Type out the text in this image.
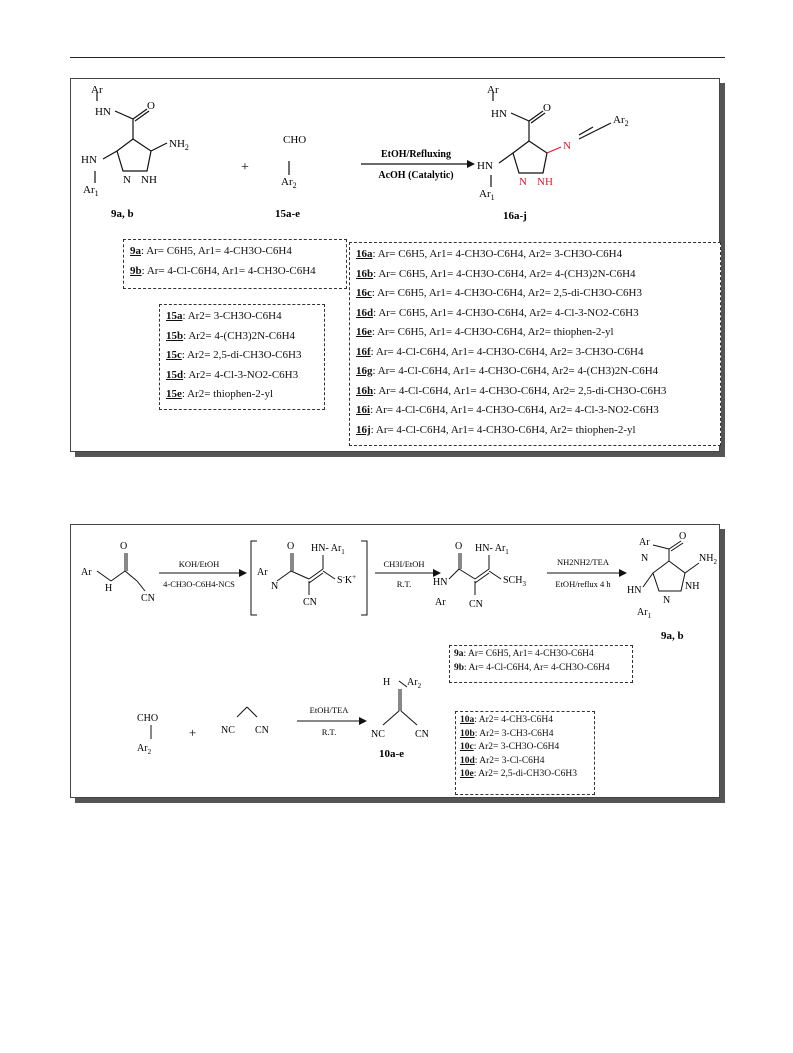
Ar
HN	O
$NH_2$
HN
$Ar_1$
N NH
CHO
$Ar_2$
+
Ar
HN	O
HN
$Ar_1$
N NH
N
$Ar_2$
9a, b	15a-e	16a-j
EtOH/Refluxing
AcOH (Catalytic)
9a: Ar= C6H5, Ar1= 4-CH3O-C6H4
9b: Ar= 4-Cl-C6H4, Ar1= 4-CH3O-C6H4
15a: Ar2= 3-CH3O-C6H4
15b: Ar2= 4-(CH3)2N-C6H4
15c: Ar2= 2,5-di-CH3O-C6H3
15d: Ar2= 4-Cl-3-NO2-C6H3
15e: Ar2= thiophen-2-yl
16a: Ar= C6H5, Ar1= 4-CH3O-C6H4, Ar2= 3-CH3O-C6H4
16b: Ar= C6H5, Ar1= 4-CH3O-C6H4, Ar2= 4-(CH3)2N-C6H4
16c: Ar= C6H5, Ar1= 4-CH3O-C6H4, Ar2= 2,5-di-CH3O-C6H3
16d: Ar= C6H5, Ar1= 4-CH3O-C6H4, Ar2= 4-Cl-3-NO2-C6H3
16e: Ar= C6H5, Ar1= 4-CH3O-C6H4, Ar2= thiophen-2-yl
16f: Ar= 4-Cl-C6H4, Ar1= 4-CH3O-C6H4, Ar2= 3-CH3O-C6H4
16g: Ar= 4-Cl-C6H4, Ar1= 4-CH3O-C6H4, Ar2= 4-(CH3)2N-C6H4
16h: Ar= 4-Cl-C6H4, Ar1= 4-CH3O-C6H4, Ar2= 2,5-di-CH3O-C6H3
16i: Ar= 4-Cl-C6H4, Ar1= 4-CH3O-C6H4, Ar2= 4-Cl-3-NO2-C6H3
16j: Ar= 4-Cl-C6H4, Ar1= 4-CH3O-C6H4, Ar2= thiophen-2-yl
Ar
H
O
CN
Ar
N
O HN- $Ar_1$
S-K+
CN
O HN- $Ar_1$
HN
Ar
$SCH_3$
CN
Ar
N
O
$NH_2$
NH
N
HN
$Ar_1$
CHO
$Ar_2$
+ NC CN
H $Ar_2$
NC	CN
9a, b
10a-e
KOH/EtOH
4-CH3O-C6H4-NCS
CH3I/EtOH
R.T.
NH2NH2/TEA
EtOH/reflux 4 h
EtOH/TEA
R.T.
9a: Ar= C6H5, Ar1= 4-CH3O-C6H4
9b: Ar= 4-Cl-C6H4, Ar= 4-CH3O-C6H4
10a: Ar2= 4-CH3-C6H4
10b: Ar2= 3-CH3-C6H4
10c: Ar2= 3-CH3O-C6H4
10d: Ar2= 3-Cl-C6H4
10e: Ar2= 2,5-di-CH3O-C6H3
